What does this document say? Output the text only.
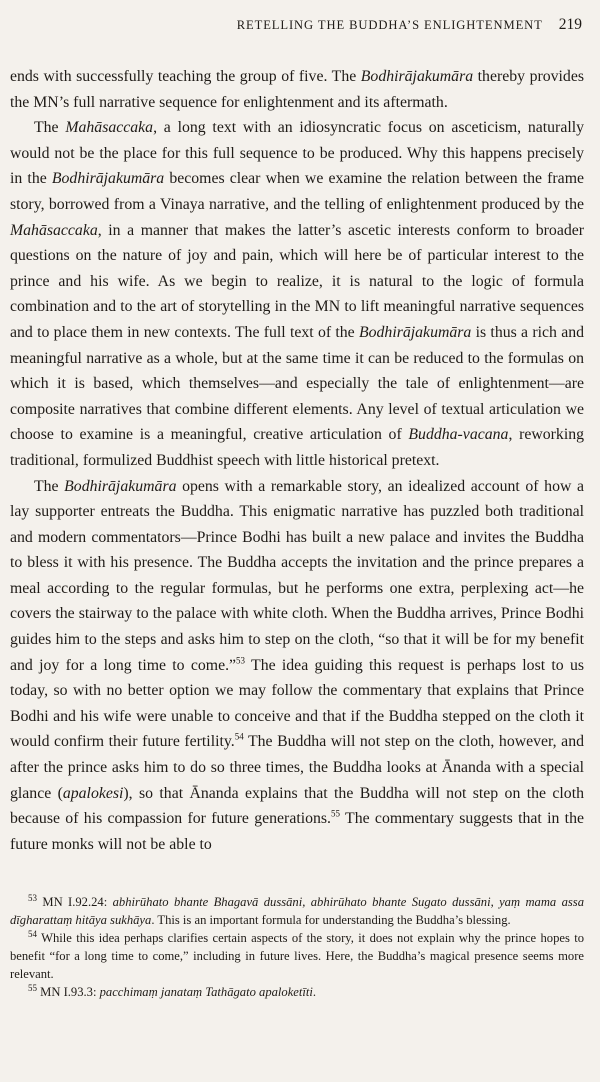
RETELLING THE BUDDHA’S ENLIGHTENMENT 219

ends with successfully teaching the group of five. The Bodhirājakumāra thereby provides the MN’s full narrative sequence for enlightenment and its aftermath.

The Mahāsaccaka, a long text with an idiosyncratic focus on asceticism, naturally would not be the place for this full sequence to be produced. Why this happens precisely in the Bodhirājakumāra becomes clear when we examine the relation between the frame story, borrowed from a Vinaya narrative, and the telling of enlightenment produced by the Mahāsaccaka, in a manner that makes the latter’s ascetic interests conform to broader questions on the nature of joy and pain, which will here be of particular interest to the prince and his wife. As we begin to realize, it is natural to the logic of formula combination and to the art of storytelling in the MN to lift meaningful narrative sequences and to place them in new contexts. The full text of the Bodhirājakumāra is thus a rich and meaningful narrative as a whole, but at the same time it can be reduced to the formulas on which it is based, which themselves—and especially the tale of enlightenment—are composite narratives that combine different elements. Any level of textual articulation we choose to examine is a meaningful, creative articulation of Buddha-vacana, reworking traditional, formulized Buddhist speech with little historical pretext.

The Bodhirājakumāra opens with a remarkable story, an idealized account of how a lay supporter entreats the Buddha. This enigmatic narrative has puzzled both traditional and modern commentators—Prince Bodhi has built a new palace and invites the Buddha to bless it with his presence. The Buddha accepts the invitation and the prince prepares a meal according to the regular formulas, but he performs one extra, perplexing act—he covers the stairway to the palace with white cloth. When the Buddha arrives, Prince Bodhi guides him to the steps and asks him to step on the cloth, “so that it will be for my benefit and joy for a long time to come.”$^{53}$ The idea guiding this request is perhaps lost to us today, so with no better option we may follow the commentary that explains that Prince Bodhi and his wife were unable to conceive and that if the Buddha stepped on the cloth it would confirm their future fertility.$^{54}$ The Buddha will not step on the cloth, however, and after the prince asks him to do so three times, the Buddha looks at Ānanda with a special glance (apalokesi), so that Ānanda explains that the Buddha will not step on the cloth because of his compassion for future generations.$^{55}$ The commentary suggests that in the future monks will not be able to

$^{53}$ MN I.92.24: abhirūhato bhante Bhagavā dussāni, abhirūhato bhante Sugato dussāni, yaṃ mama assa dīgharattaṃ hitāya sukhāya. This is an important formula for understanding the Buddha’s blessing.

$^{54}$ While this idea perhaps clarifies certain aspects of the story, it does not explain why the prince hopes to benefit “for a long time to come,” including in future lives. Here, the Buddha’s magical presence seems more relevant.

$^{55}$ MN I.93.3: pacchimaṃ janataṃ Tathāgato apaloketīti.
